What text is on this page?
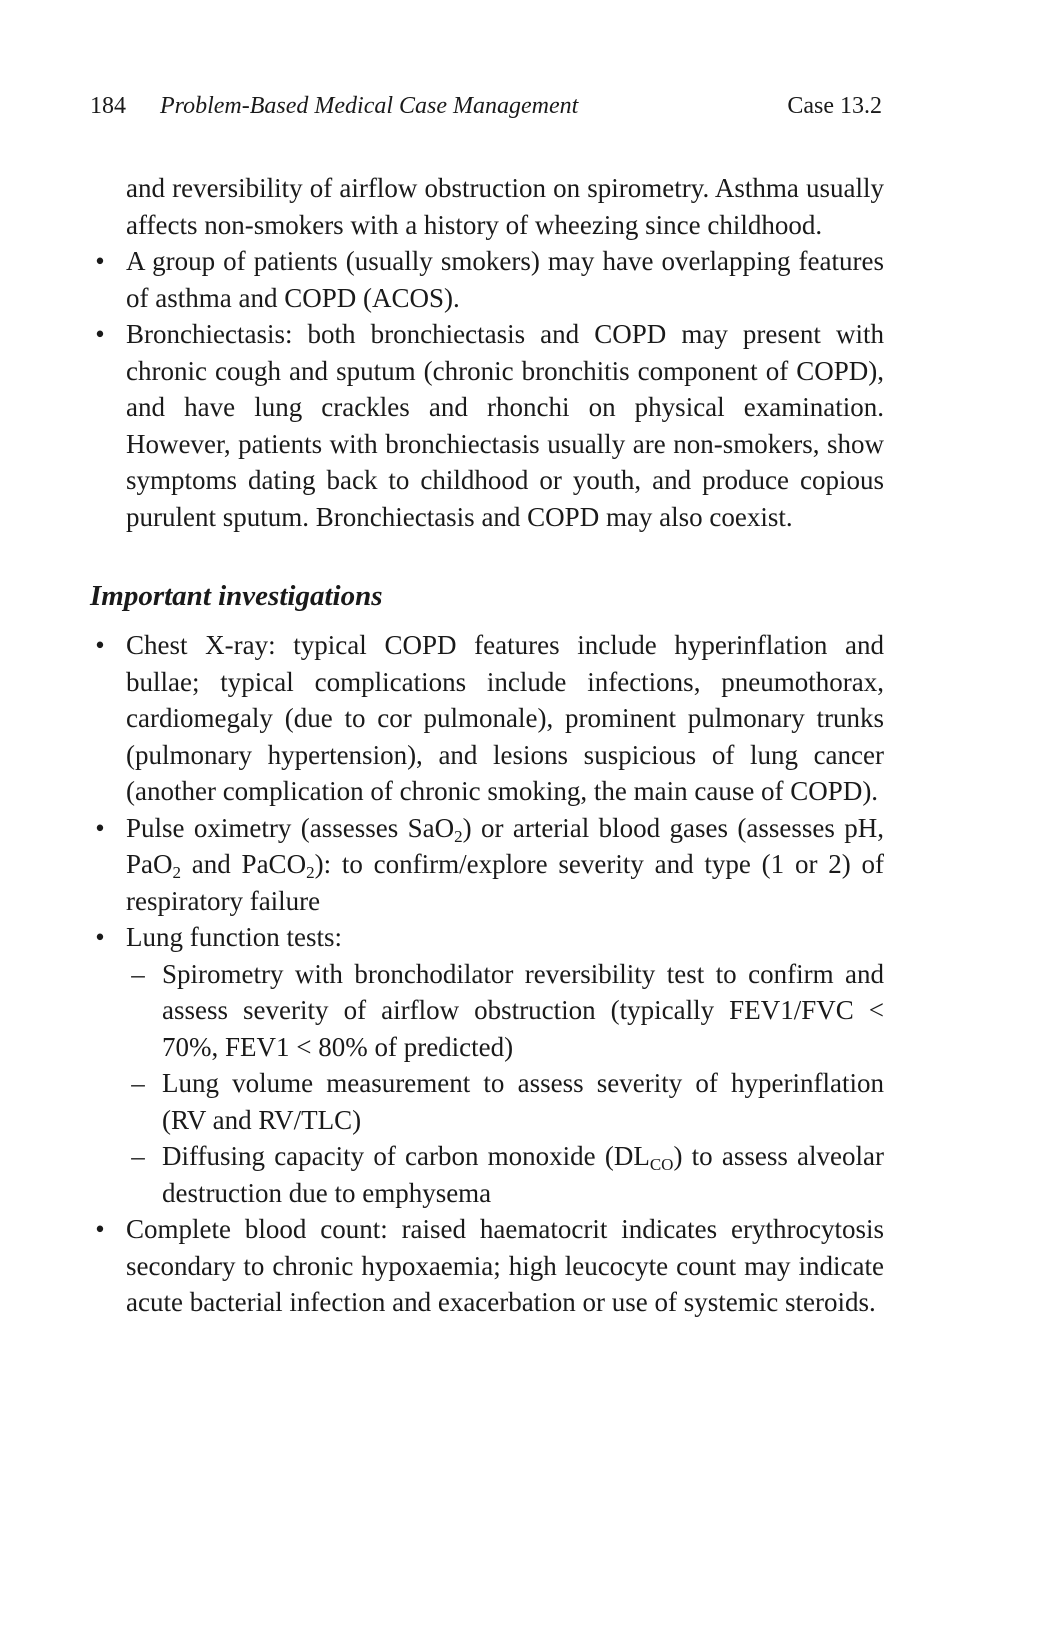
184 Problem-Based Medical Case Management	Case 13.2

and reversibility of airflow obstruction on spirometry. Asthma usually affects non-smokers with a history of wheezing since childhood.

• A group of patients (usually smokers) may have overlapping features of asthma and COPD (ACOS).
• Bronchiectasis: both bronchiectasis and COPD may present with chronic cough and sputum (chronic bronchitis component of COPD), and have lung crackles and rhonchi on physical examination. However, patients with bronchiectasis usually are non-smokers, show symptoms dating back to childhood or youth, and produce copious purulent sputum. Bronchiectasis and COPD may also coexist.
Important investigations
• Chest X-ray: typical COPD features include hyperinflation and bullae; typical complications include infections, pneumothorax, cardiomegaly (due to cor pulmonale), prominent pulmonary trunks (pulmonary hypertension), and lesions suspicious of lung cancer (another complication of chronic smoking, the main cause of COPD).
• Pulse oximetry (assesses SaO$_2$) or arterial blood gases (assesses pH, PaO$_2$ and PaCO$_2$): to confirm/explore severity and type (1 or 2) of respiratory failure
• Lung function tests:
– Spirometry with bronchodilator reversibility test to confirm and assess severity of airflow obstruction (typically FEV1/FVC < 70%, FEV1 < 80% of predicted)
– Lung volume measurement to assess severity of hyperinflation (RV and RV/TLC)
– Diffusing capacity of carbon monoxide $(DL_{CO})$ to assess alveolar destruction due to emphysema
• Complete blood count: raised haematocrit indicates erythrocytosis secondary to chronic hypoxaemia; high leucocyte count may indicate acute bacterial infection and exacerbation or use of systemic steroids.
